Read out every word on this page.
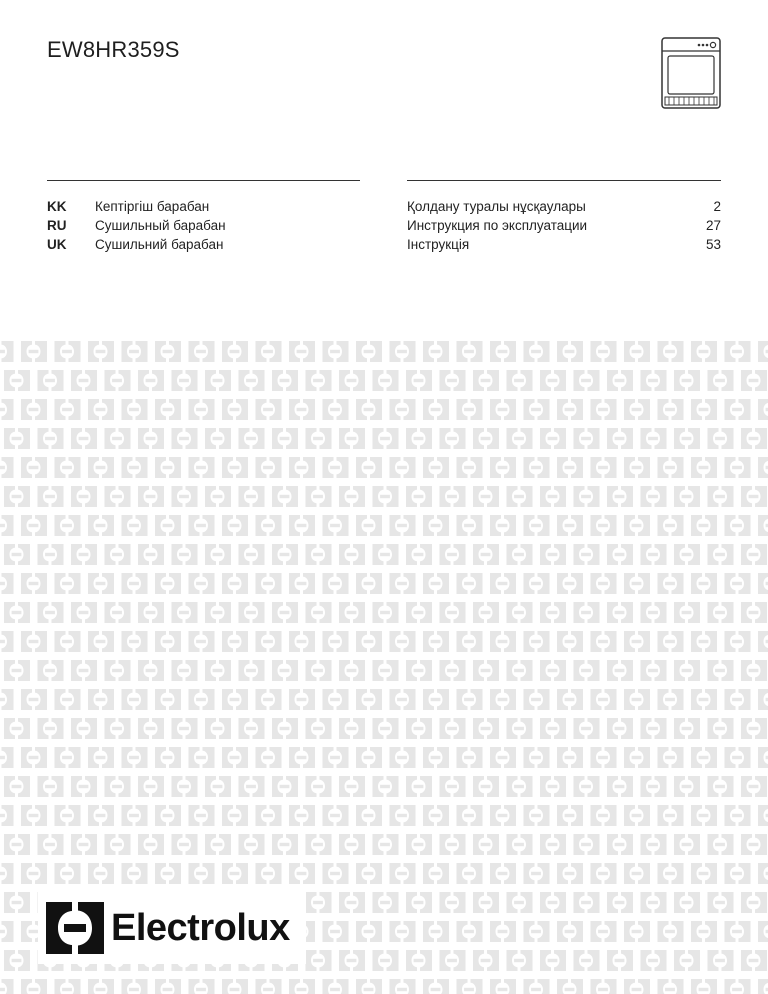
EW8HR359S
KK	Кептіргіш барабан
RU	Сушильный барабан
UK	Сушильний барабан
Қолдану туралы нұсқаулары	2
Инструкция по эксплуатации	27
Інструкція	53
Electrolux
